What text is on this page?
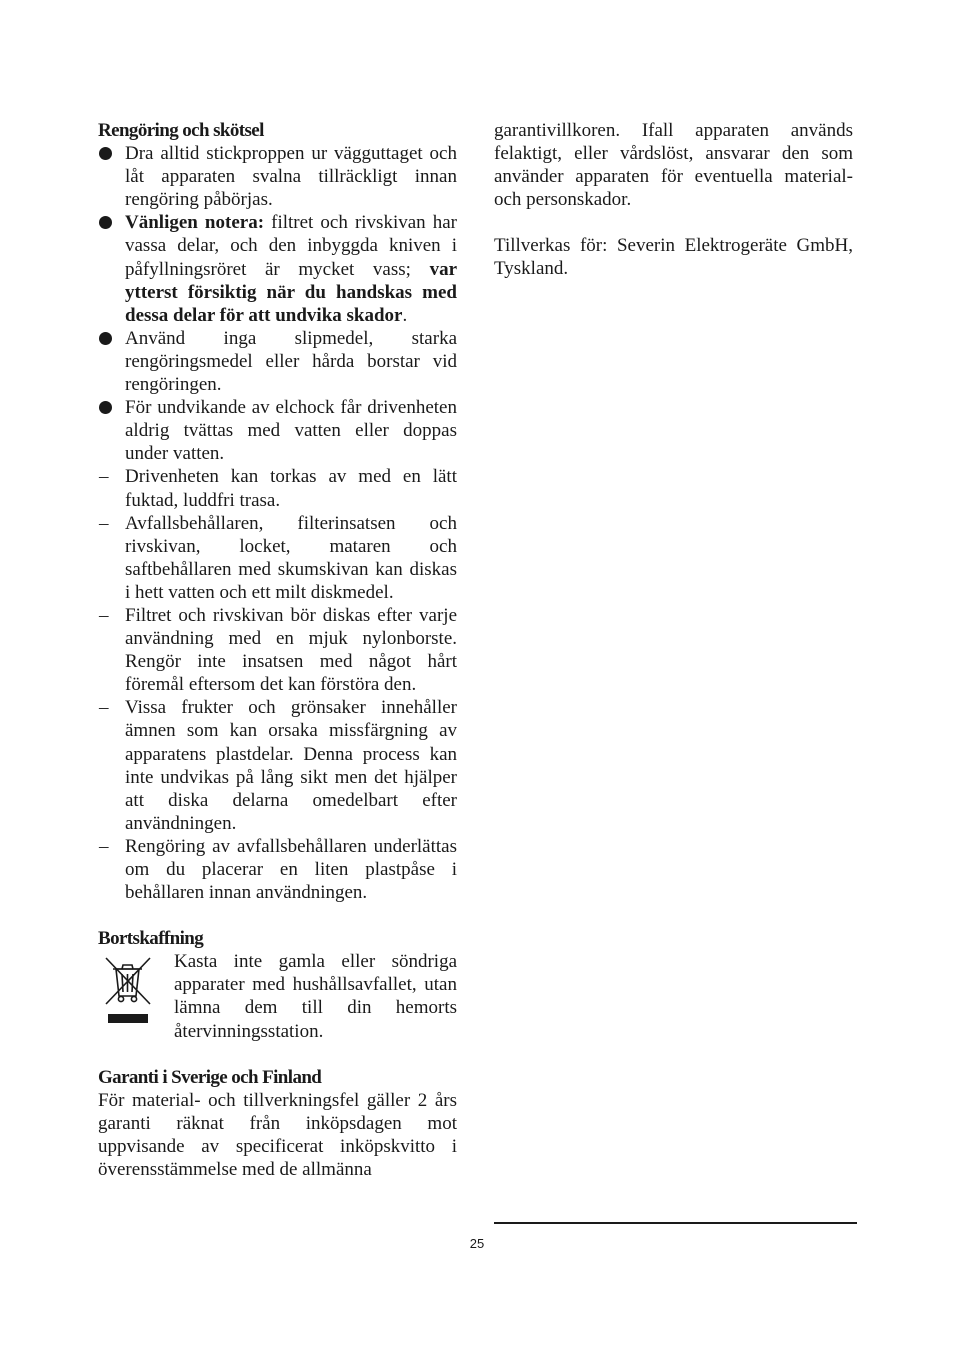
Rengöring och skötsel
Dra alltid stickproppen ur vägguttaget och låt apparaten svalna tillräckligt innan rengöring påbörjas.
Vänligen notera: filtret och rivskivan har vassa delar, och den inbyggda kniven i påfyllningsröret är mycket vass; var ytterst försiktig när du handskas med dessa delar för att undvika skador.
Använd inga slipmedel, starka rengöringsmedel eller hårda borstar vid rengöringen.
För undvikande av elchock får drivenheten aldrig tvättas med vatten eller doppas under vatten.
– Drivenheten kan torkas av med en lätt fuktad, luddfri trasa.
– Avfallsbehållaren, filterinsatsen och rivskivan, locket, mataren och saftbehållaren med skumskivan kan diskas i hett vatten och ett milt diskmedel.
– Filtret och rivskivan bör diskas efter varje användning med en mjuk nylonborste. Rengör inte insatsen med något hårt föremål eftersom det kan förstöra den.
– Vissa frukter och grönsaker innehåller ämnen som kan orsaka missfärgning av apparatens plastdelar. Denna process kan inte undvikas på lång sikt men det hjälper att diska delarna omedelbart efter användningen.
– Rengöring av avfallsbehållaren underlättas om du placerar en liten plastpåse i behållaren innan användningen.
Bortskaffning

Kasta inte gamla eller söndriga apparater med hushållsavfallet, utan lämna dem till din hemorts återvinningsstation.

Garanti i Sverige och Finland

För material- och tillverkningsfel gäller 2 års garanti räknat från inköpsdagen mot uppvisande av specificerat inköpskvitto i överensstämmelse med de allmänna

garantivillkoren. Ifall apparaten används felaktigt, eller vårdslöst, ansvarar den som använder apparaten för eventuella material- och personskador.

Tillverkas för: Severin Elektrogeräte GmbH, Tyskland.

25
